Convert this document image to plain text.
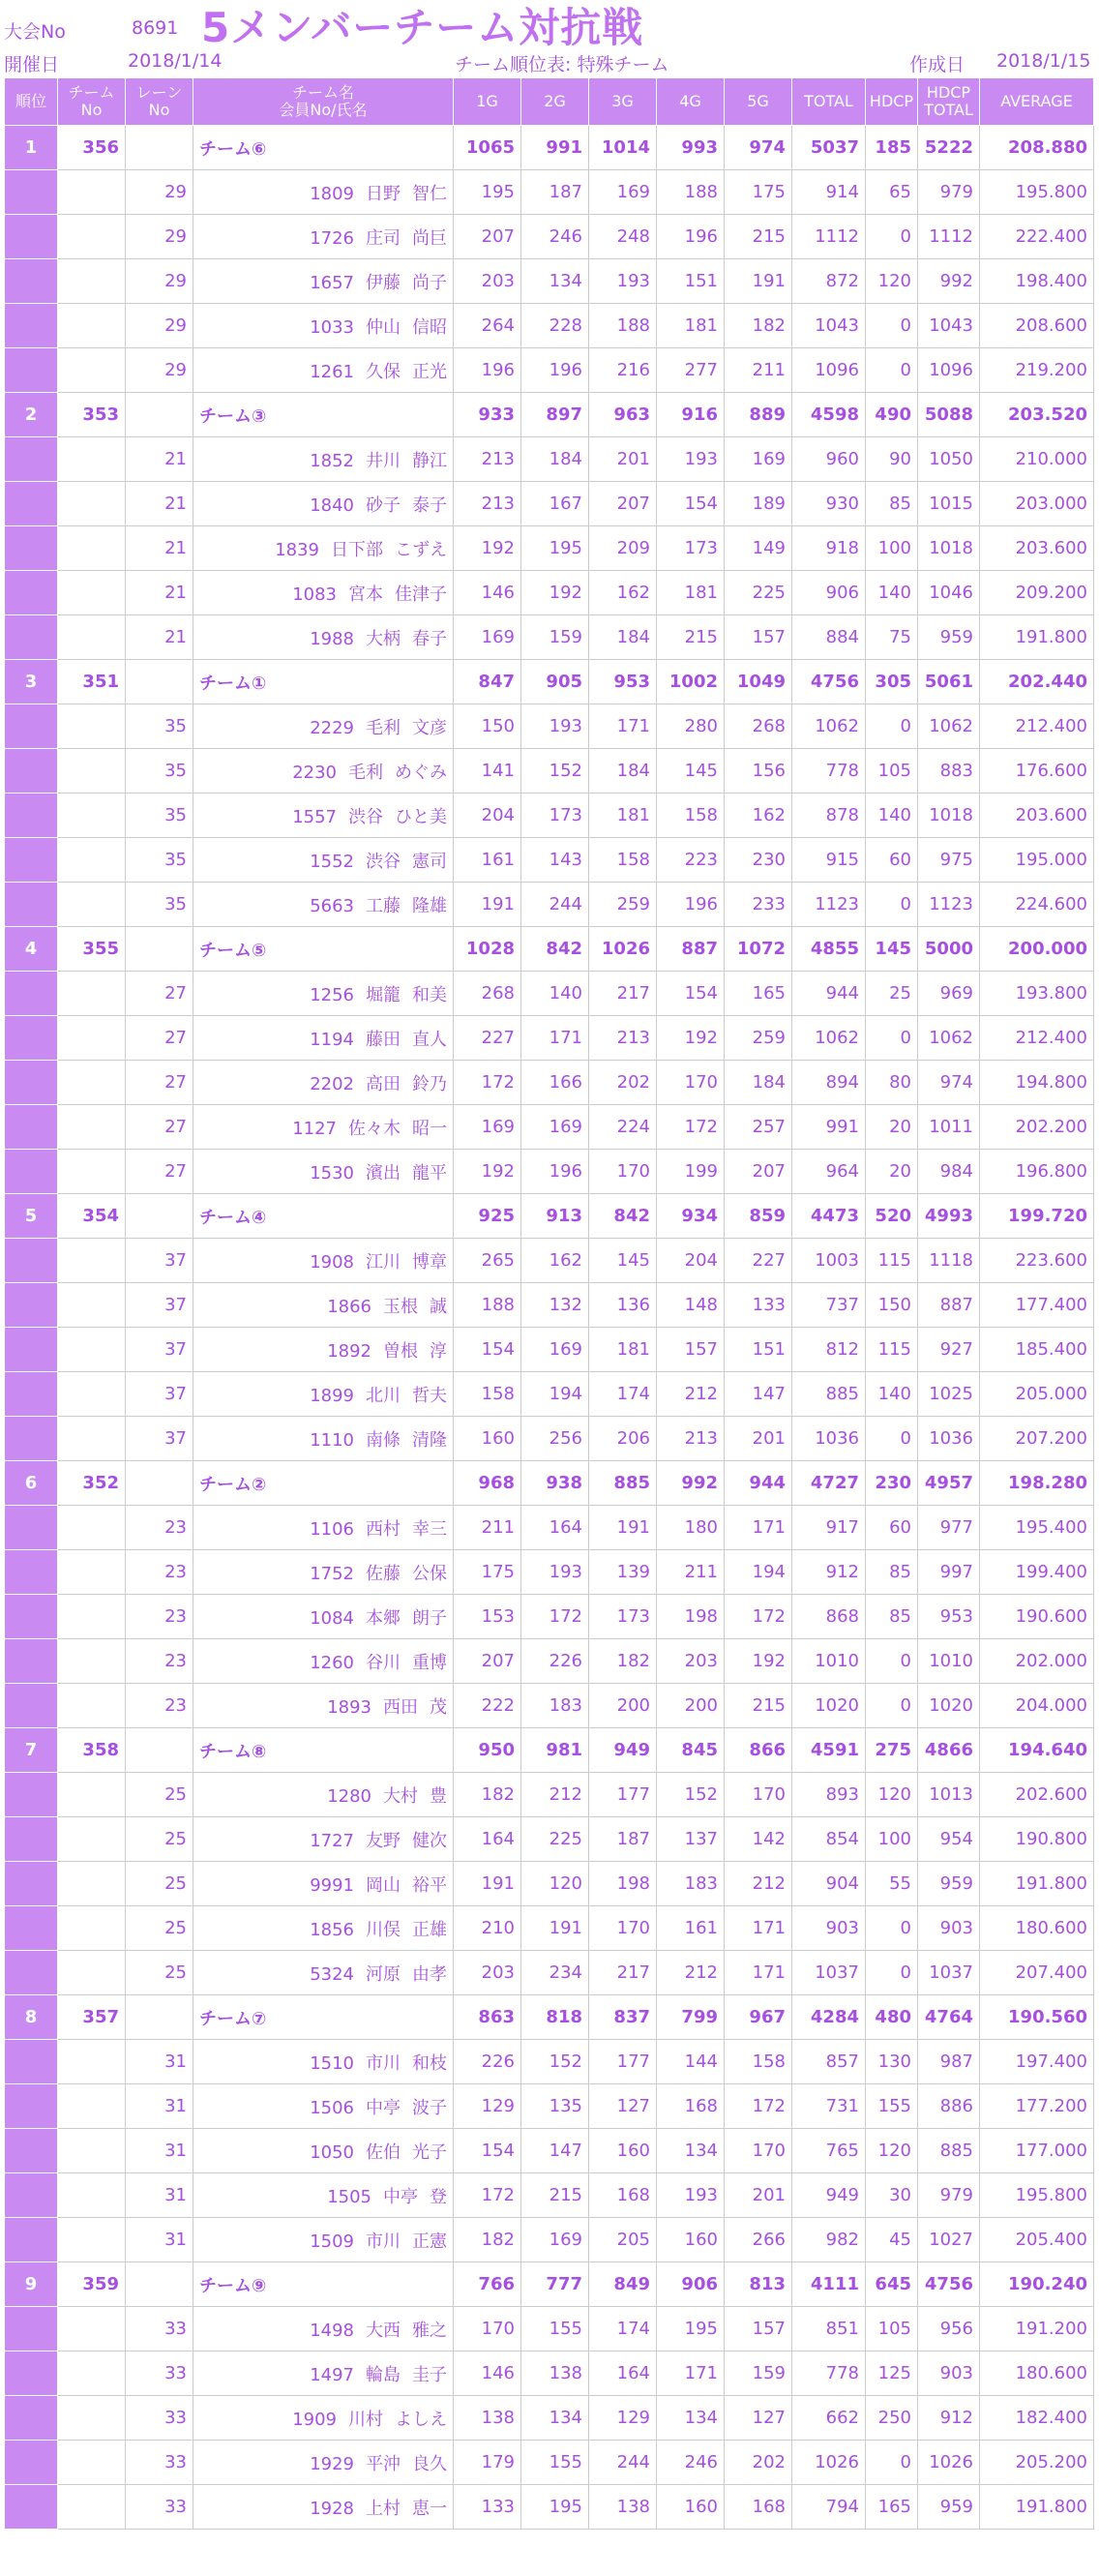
大会No	8691 5メンバーチーム対抗戦
開催日	2018/1/14	チーム順位表: 特殊チーム	作成日 2018/1/15
順位	チーム
No	レーン
No	チーム名
会員No/氏名	1G	2G	3G	4G	5G	TOTAL	HDCP	HDCP
TOTAL	AVERAGE
1	356		チーム⑥	1065	991	1014	993	974	5037	185	5222	208.880
		29	1809 日野 智仁	195	187	169	188	175	914	65	979	195.800
		29	1726 庄司 尚巨	207	246	248	196	215	1112	0	1112	222.400
		29	1657 伊藤 尚子	203	134	193	151	191	872	120	992	198.400
		29	1033 仲山 信昭	264	228	188	181	182	1043	0	1043	208.600
		29	1261 久保 正光	196	196	216	277	211	1096	0	1096	219.200
2	353		チーム③	933	897	963	916	889	4598	490	5088	203.520
		21	1852 井川 静江	213	184	201	193	169	960	90	1050	210.000
		21	1840 砂子 泰子	213	167	207	154	189	930	85	1015	203.000
		21	1839 日下部 こずえ	192	195	209	173	149	918	100	1018	203.600
		21	1083 宮本 佳津子	146	192	162	181	225	906	140	1046	209.200
		21	1988 大柄 春子	169	159	184	215	157	884	75	959	191.800
3	351		チーム①	847	905	953	1002	1049	4756	305	5061	202.440
		35	2229 毛利 文彦	150	193	171	280	268	1062	0	1062	212.400
		35	2230 毛利 めぐみ	141	152	184	145	156	778	105	883	176.600
		35	1557 渋谷 ひと美	204	173	181	158	162	878	140	1018	203.600
		35	1552 渋谷 憲司	161	143	158	223	230	915	60	975	195.000
		35	5663 工藤 隆雄	191	244	259	196	233	1123	0	1123	224.600
4	355		チーム⑤	1028	842	1026	887	1072	4855	145	5000	200.000
		27	1256 堀籠 和美	268	140	217	154	165	944	25	969	193.800
		27	1194 藤田 直人	227	171	213	192	259	1062	0	1062	212.400
		27	2202 高田 鈴乃	172	166	202	170	184	894	80	974	194.800
		27	1127 佐々木 昭一	169	169	224	172	257	991	20	1011	202.200
		27	1530 濱出 龍平	192	196	170	199	207	964	20	984	196.800
5	354		チーム④	925	913	842	934	859	4473	520	4993	199.720
		37	1908 江川 博章	265	162	145	204	227	1003	115	1118	223.600
		37	1866 玉根 誠	188	132	136	148	133	737	150	887	177.400
		37	1892 曽根 淳	154	169	181	157	151	812	115	927	185.400
		37	1899 北川 哲夫	158	194	174	212	147	885	140	1025	205.000
		37	1110 南條 清隆	160	256	206	213	201	1036	0	1036	207.200
6	352		チーム②	968	938	885	992	944	4727	230	4957	198.280
		23	1106 西村 幸三	211	164	191	180	171	917	60	977	195.400
		23	1752 佐藤 公保	175	193	139	211	194	912	85	997	199.400
		23	1084 本郷 朗子	153	172	173	198	172	868	85	953	190.600
		23	1260 谷川 重博	207	226	182	203	192	1010	0	1010	202.000
		23	1893 西田 茂	222	183	200	200	215	1020	0	1020	204.000
7	358		チーム⑧	950	981	949	845	866	4591	275	4866	194.640
		25	1280 大村 豊	182	212	177	152	170	893	120	1013	202.600
		25	1727 友野 健次	164	225	187	137	142	854	100	954	190.800
		25	9991 岡山 裕平	191	120	198	183	212	904	55	959	191.800
		25	1856 川俣 正雄	210	191	170	161	171	903	0	903	180.600
		25	5324 河原 由孝	203	234	217	212	171	1037	0	1037	207.400
8	357		チーム⑦	863	818	837	799	967	4284	480	4764	190.560
		31	1510 市川 和枝	226	152	177	144	158	857	130	987	197.400
		31	1506 中亭 波子	129	135	127	168	172	731	155	886	177.200
		31	1050 佐伯 光子	154	147	160	134	170	765	120	885	177.000
		31	1505 中亭 登	172	215	168	193	201	949	30	979	195.800
		31	1509 市川 正憲	182	169	205	160	266	982	45	1027	205.400
9	359		チーム⑨	766	777	849	906	813	4111	645	4756	190.240
		33	1498 大西 雅之	170	155	174	195	157	851	105	956	191.200
		33	1497 輪島 圭子	146	138	164	171	159	778	125	903	180.600
		33	1909 川村 よしえ	138	134	129	134	127	662	250	912	182.400
		33	1929 平沖 良久	179	155	244	246	202	1026	0	1026	205.200
		33	1928 上村 恵一	133	195	138	160	168	794	165	959	191.800
